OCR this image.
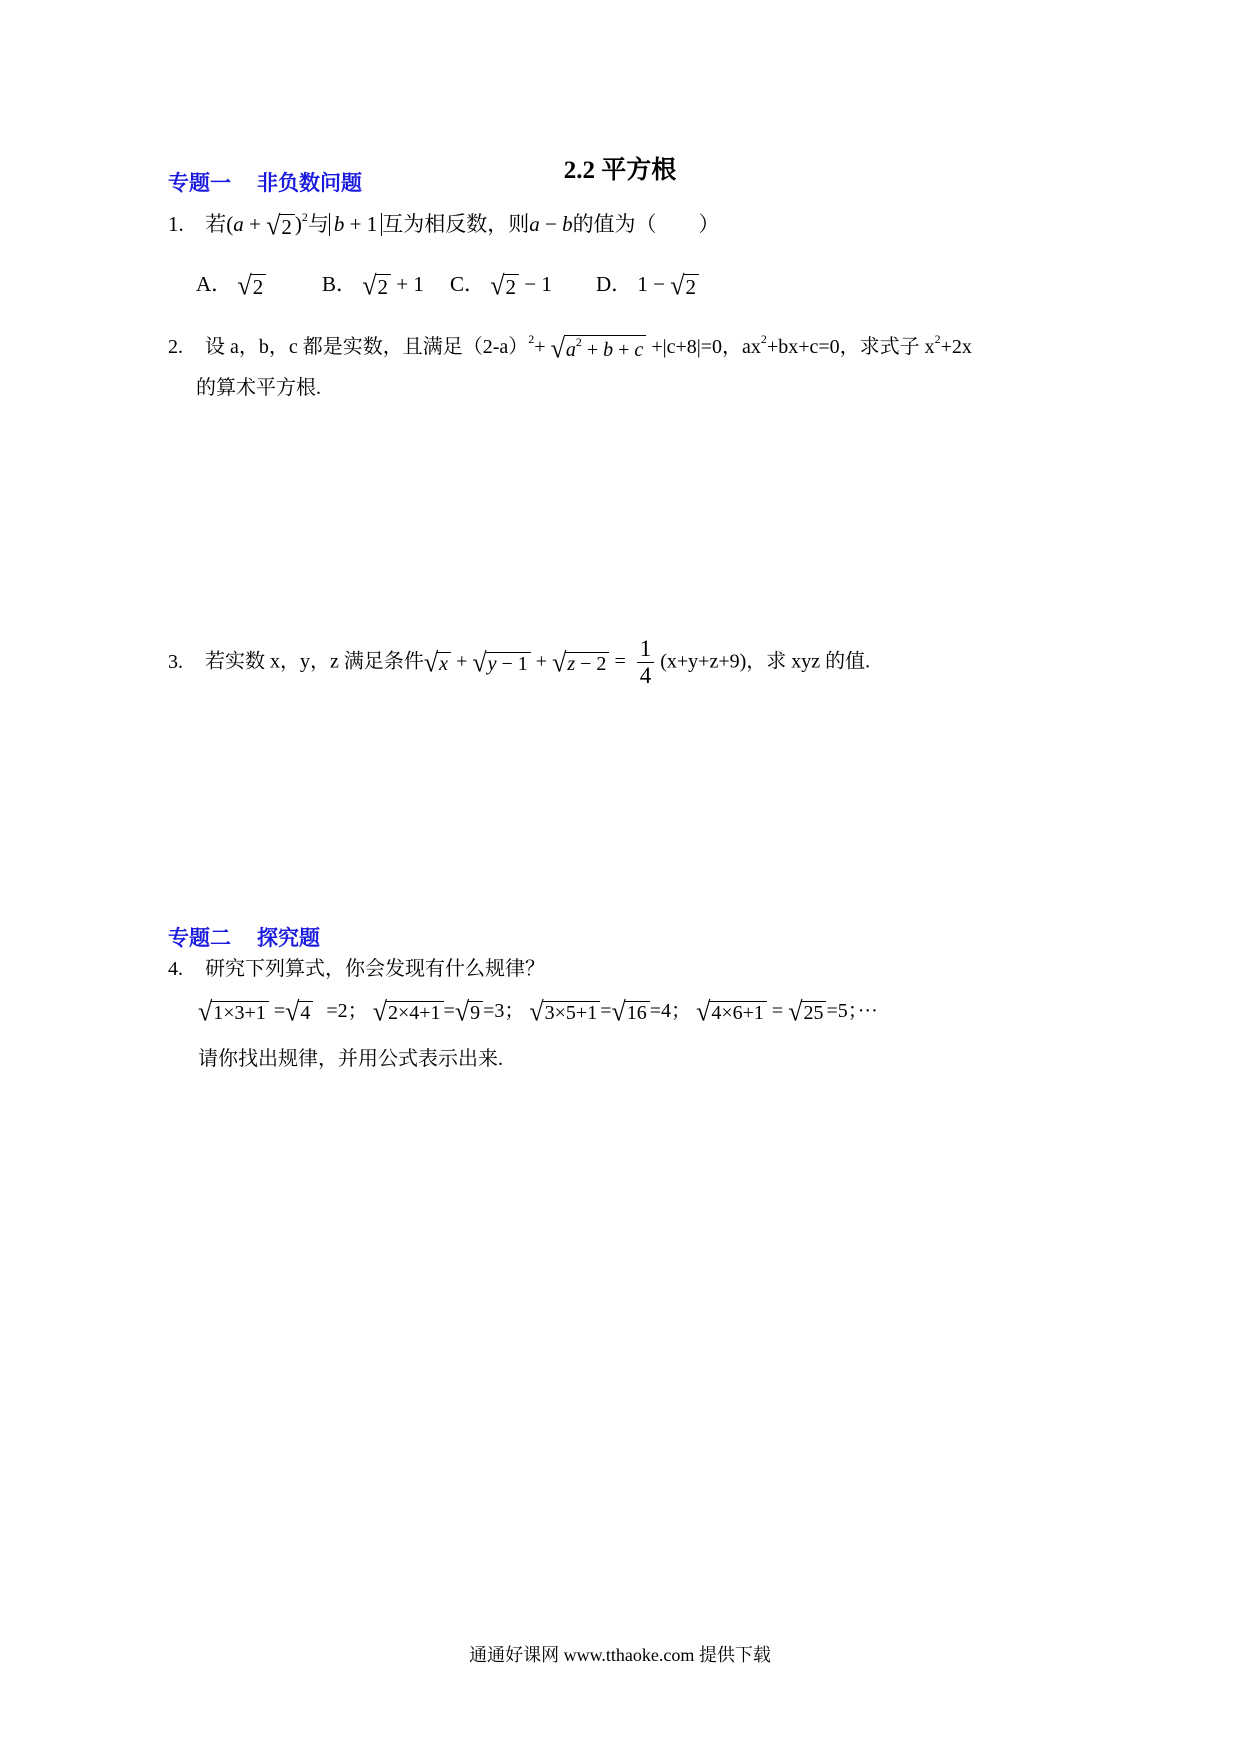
2.2 平方根
专题一 非负数问题
1. 若(a + √ 2 )$^2$与 b + 1 互为相反数，则a − b的值为（　　）
A． √ 2	B． √ 2 + 1 C． √ 2 − 1 D． 1 − √ 2
2. 设 a，b，c 都是实数，且满足$(2-a)^2+$ √ $a^2 + b + c +|c+8|=0$，$ax^2+bx+c=0$，求式子 $x^2+2x$
的算术平方根.
3. 若实数 x，y，z 满足条件 √ x + √ y − 1 + √ $z - 2 = \frac{1}{4} (x+y+z+9)$，求 xyz 的值.
专题二 探究题
4. 研究下列算式，你会发现有什么规律？
√ 1×3+1 = √ 4 =2； √ 2×4+1 = √ 9 =3； √ 3×5+1 = √ 16 =4； √ 4×6+1 = √ 25 =5；···
请你找出规律，并用公式表示出来.
通通好课网 www.tthaoke.com 提供下载
